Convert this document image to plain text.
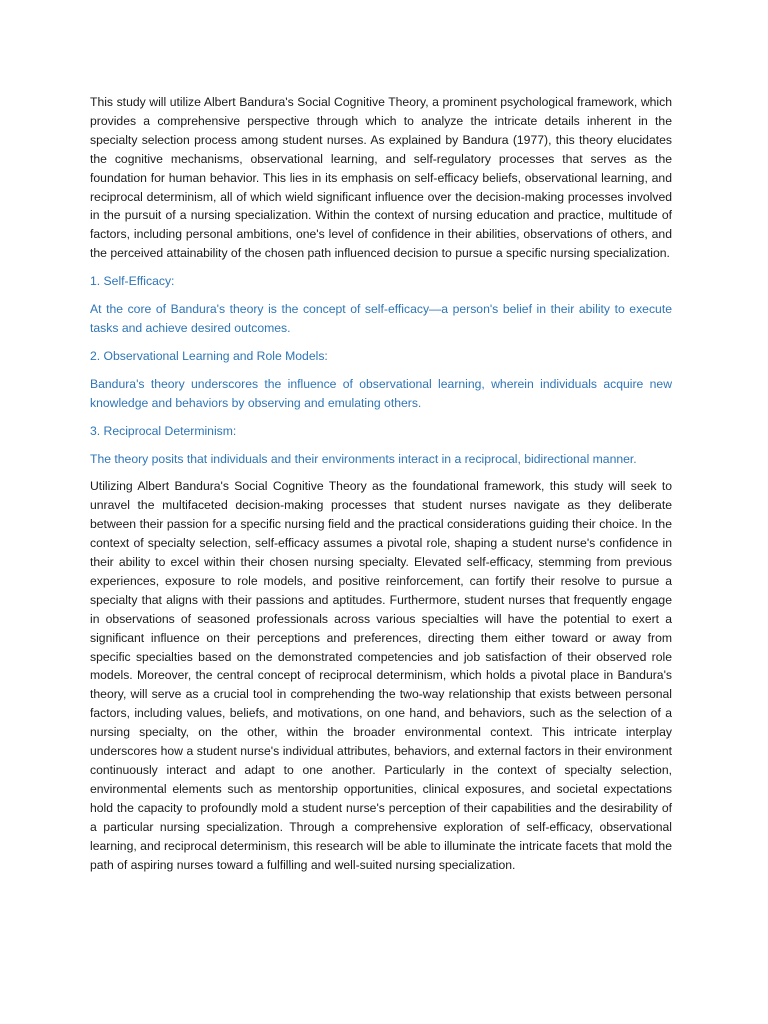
This study will utilize Albert Bandura's Social Cognitive Theory, a prominent psychological framework, which provides a comprehensive perspective through which to analyze the intricate details inherent in the specialty selection process among student nurses. As explained by Bandura (1977), this theory elucidates the cognitive mechanisms, observational learning, and self-regulatory processes that serves as the foundation for human behavior. This lies in its emphasis on self-efficacy beliefs, observational learning, and reciprocal determinism, all of which wield significant influence over the decision-making processes involved in the pursuit of a nursing specialization. Within the context of nursing education and practice, multitude of factors, including personal ambitions, one's level of confidence in their abilities, observations of others, and the perceived attainability of the chosen path influenced decision to pursue a specific nursing specialization.

1. Self-Efficacy:

At the core of Bandura's theory is the concept of self-efficacy—a person's belief in their ability to execute tasks and achieve desired outcomes.

2. Observational Learning and Role Models:

Bandura's theory underscores the influence of observational learning, wherein individuals acquire new knowledge and behaviors by observing and emulating others.

3. Reciprocal Determinism:

The theory posits that individuals and their environments interact in a reciprocal, bidirectional manner.

Utilizing Albert Bandura's Social Cognitive Theory as the foundational framework, this study will seek to unravel the multifaceted decision-making processes that student nurses navigate as they deliberate between their passion for a specific nursing field and the practical considerations guiding their choice. In the context of specialty selection, self-efficacy assumes a pivotal role, shaping a student nurse's confidence in their ability to excel within their chosen nursing specialty. Elevated self-efficacy, stemming from previous experiences, exposure to role models, and positive reinforcement, can fortify their resolve to pursue a specialty that aligns with their passions and aptitudes. Furthermore, student nurses that frequently engage in observations of seasoned professionals across various specialties will have the potential to exert a significant influence on their perceptions and preferences, directing them either toward or away from specific specialties based on the demonstrated competencies and job satisfaction of their observed role models. Moreover, the central concept of reciprocal determinism, which holds a pivotal place in Bandura's theory, will serve as a crucial tool in comprehending the two-way relationship that exists between personal factors, including values, beliefs, and motivations, on one hand, and behaviors, such as the selection of a nursing specialty, on the other, within the broader environmental context. This intricate interplay underscores how a student nurse's individual attributes, behaviors, and external factors in their environment continuously interact and adapt to one another. Particularly in the context of specialty selection, environmental elements such as mentorship opportunities, clinical exposures, and societal expectations hold the capacity to profoundly mold a student nurse's perception of their capabilities and the desirability of a particular nursing specialization. Through a comprehensive exploration of self-efficacy, observational learning, and reciprocal determinism, this research will be able to illuminate the intricate facets that mold the path of aspiring nurses toward a fulfilling and well-suited nursing specialization.
